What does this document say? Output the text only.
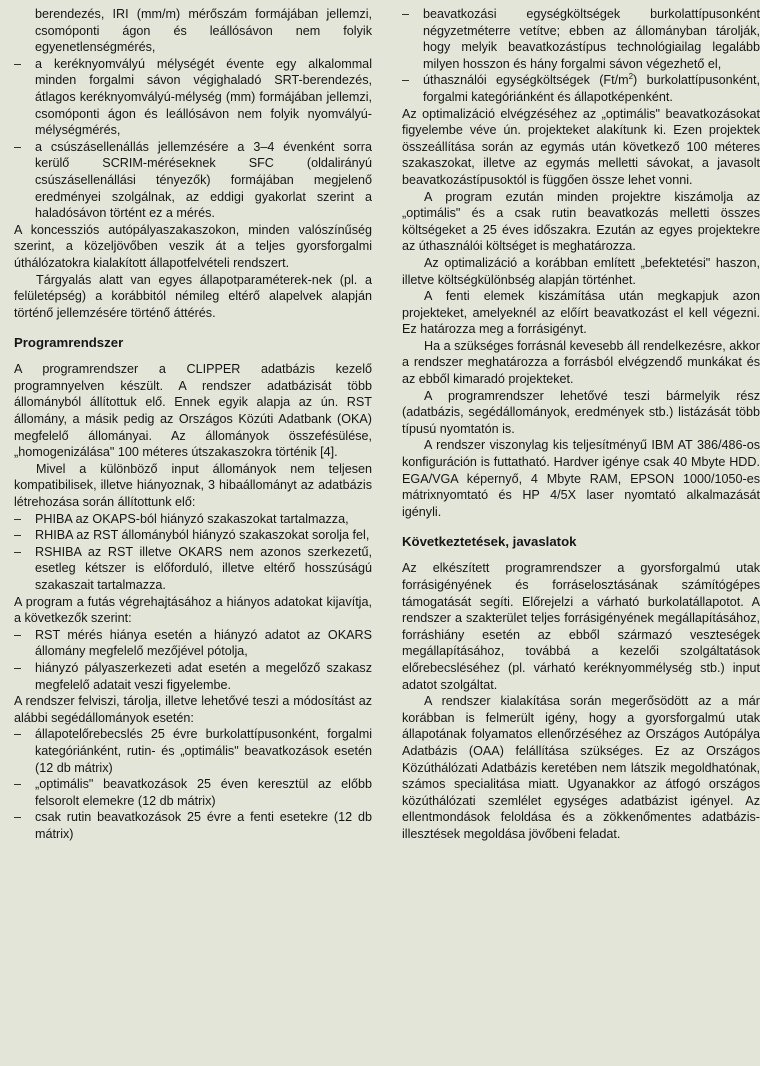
berendezés, IRI (mm/m) mérőszám formájában jellemzi, csomóponti ágon és leállósávon nem folyik egyenetlenségmérés,
– a keréknyomvályú mélységét évente egy alkalommal minden forgalmi sávon végighaladó SRT-berendezés, átlagos keréknyomvályú-mélység (mm) formájában jellemzi, csomóponti ágon és leállósávon nem folyik nyomvályú-mélységmérés,
– a csúszásellenállás jellemzésére a 3–4 évenként sorra kerülő SCRIM-méréseknek SFC (oldalirányú csúszásellenállási tényezők) formájában megjelenő eredményei szolgálnak, az eddigi gyakorlat szerint a haladósávon történt ez a mérés.

A koncessziós autópályaszakaszokon, minden valószínűség szerint, a közeljövőben veszik át a teljes gyorsforgalmi úthálózatokra kialakított állapotfelvételi rendszert.

Tárgyalás alatt van egyes állapotparaméterek-nek (pl. a felületépség) a korábbitól némileg eltérő alapelvek alapján történő jellemzésére történő áttérés.

Programrendszer

A programrendszer a CLIPPER adatbázis kezelő programnyelven készült. A rendszer adatbázisát több állományból állítottuk elő. Ennek egyik alapja az ún. RST állomány, a másik pedig az Országos Közúti Adatbank (OKA) megfelelő állományai. Az állományok összefésülése, „homogenizálása" 100 méteres útszakaszokra történik [4].

Mivel a különböző input állományok nem teljesen kompatibilisek, illetve hiányoznak, 3 hibaállományt az adatbázis létrehozása során állítottunk elő:

– PHIBA az OKAPS-ból hiányzó szakaszokat tartalmazza,
– RHIBA az RST állományból hiányzó szakaszokat sorolja fel,
– RSHIBA az RST illetve OKARS nem azonos szerkezetű, esetleg kétszer is előforduló, illetve eltérő hosszúságú szakaszait tartalmazza.

A program a futás végrehajtásához a hiányos adatokat kijavítja, a következők szerint:

– RST mérés hiánya esetén a hiányzó adatot az OKARS állomány megfelelő mezőjével pótolja,
– hiányzó pályaszerkezeti adat esetén a megelőző szakasz megfelelő adatait veszi figyelembe.

A rendszer felviszi, tárolja, illetve lehetővé teszi a módosítást az alábbi segédállományok esetén:

– állapotelőrebecslés 25 évre burkolattípusonként, forgalmi kategóriánként, rutin- és „optimális" beavatkozások esetén (12 db mátrix)
– „optimális" beavatkozások 25 éven keresztül az előbb felsorolt elemekre (12 db mátrix)
– csak rutin beavatkozások 25 évre a fenti esetekre (12 db mátrix)
– beavatkozási egységköltségek burkolattípusonként négyzetméterre vetítve; ebben az állományban tárolják, hogy melyik beavatkozástípus technológiailag legalább milyen hosszon és hány forgalmi sávon végezhető el,
– úthasználói egységköltségek $(Ft/m^2)$ burkolattípusonként, forgalmi kategóriánként és állapotképenként.

Az optimalizáció elvégzéséhez az „optimális" beavatkozásokat figyelembe véve ún. projekteket alakítunk ki. Ezen projektek összeállítása során az egymás után következő 100 méteres szakaszokat, illetve az egymás melletti sávokat, a javasolt beavatkozástípusoktól is függően össze lehet vonni.

A program ezután minden projektre kiszámolja az „optimális" és a csak rutin beavatkozás melletti összes költségeket a 25 éves időszakra. Ezután az egyes projektekre az úthasználói költséget is meghatározza.

Az optimalizáció a korábban említett „befektetési" haszon, illetve költségkülönbség alapján történhet.

A fenti elemek kiszámítása után megkapjuk azon projekteket, amelyeknél az előírt beavatkozást el kell végezni. Ez határozza meg a forrásigényt.

Ha a szükséges forrásnál kevesebb áll rendelkezésre, akkor a rendszer meghatározza a forrásból elvégzendő munkákat és az ebből kimaradó projekteket.

A programrendszer lehetővé teszi bármelyik rész (adatbázis, segédállományok, eredmények stb.) listázását több típusú nyomtatón is.

A rendszer viszonylag kis teljesítményű IBM AT 386/486-os konfiguráción is futtatható. Hardver igénye csak 40 Mbyte HDD. EGA/VGA képernyő, 4 Mbyte RAM, EPSON 1000/1050-es mátrixnyomtató és HP 4/5X laser nyomtató alkalmazását igényli.

Következtetések, javaslatok

Az elkészített programrendszer a gyorsforgalmú utak forrásigényének és forráselosztásának számítógépes támogatását segíti. Előrejelzi a várható burkolatállapotot. A rendszer a szakterület teljes forrásigényének megállapításához, forráshiány esetén az ebből származó veszteségek megállapításához, továbbá a kezelői szolgáltatások előrebecsléséhez (pl. várható keréknyommélység stb.) input adatot szolgáltat.

A rendszer kialakítása során megerősödött az a már korábban is felmerült igény, hogy a gyorsforgalmú utak állapotának folyamatos ellenőrzéséhez az Országos Autópálya Adatbázis (OAA) felállítása szükséges. Ez az Országos Közúthálózati Adatbázis keretében nem látszik megoldhatónak, számos specialitása miatt. Ugyanakkor az átfogó országos közúthálózati szemlélet egységes adatbázist igényel. Az ellentmondások feloldása és a zökkenőmentes adatbázis-illesztések megoldása jövőbeni feladat.
